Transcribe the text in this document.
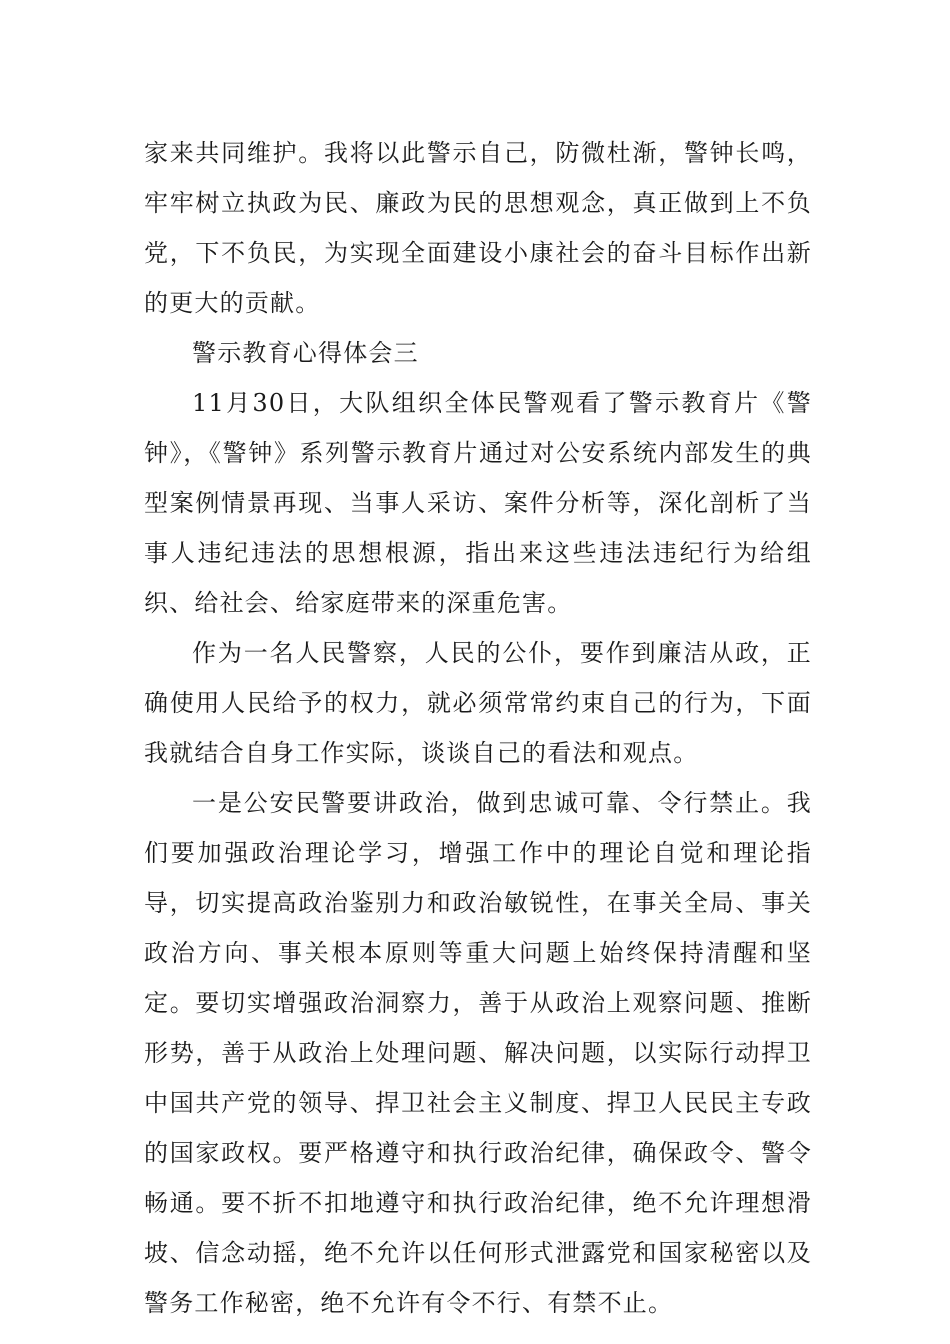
家来共同维护。我将以此警示自己，防微杜渐，警钟长鸣，牢牢树立执政为民、廉政为民的思想观念，真正做到上不负党，下不负民，为实现全面建设小康社会的奋斗目标作出新的更大的贡献。

警示教育心得体会三

11月30日，大队组织全体民警观看了警示教育片《警钟》，《警钟》系列警示教育片通过对公安系统内部发生的典型案例情景再现、当事人采访、案件分析等，深化剖析了当事人违纪违法的思想根源，指出来这些违法违纪行为给组织、给社会、给家庭带来的深重危害。

作为一名人民警察，人民的公仆，要作到廉洁从政，正确使用人民给予的权力，就必须常常约束自己的行为，下面我就结合自身工作实际，谈谈自己的看法和观点。

一是公安民警要讲政治，做到忠诚可靠、令行禁止。我们要加强政治理论学习，增强工作中的理论自觉和理论指导，切实提高政治鉴别力和政治敏锐性，在事关全局、事关政治方向、事关根本原则等重大问题上始终保持清醒和坚定。要切实增强政治洞察力，善于从政治上观察问题、推断形势，善于从政治上处理问题、解决问题，以实际行动捍卫中国共产党的领导、捍卫社会主义制度、捍卫人民民主专政的国家政权。要严格遵守和执行政治纪律，确保政令、警令畅通。要不折不扣地遵守和执行政治纪律，绝不允许理想滑坡、信念动摇，绝不允许以任何形式泄露党和国家秘密以及警务工作秘密，绝不允许有令不行、有禁不止。
